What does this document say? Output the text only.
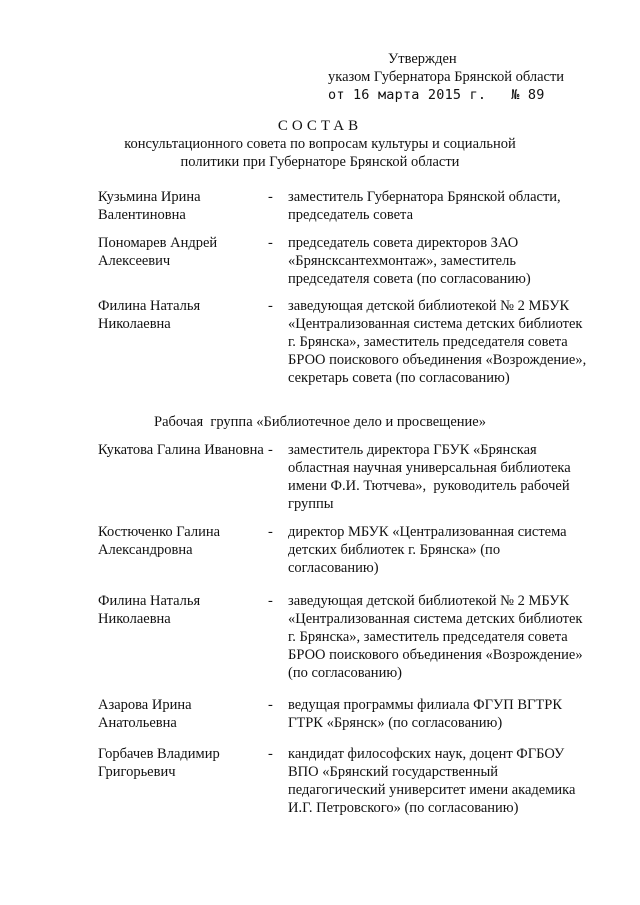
Утвержден
указом Губернатора Брянской области
от 16 марта 2015 г.   № 89
СОСТАВ
консультационного совета по вопросам культуры и социальной
политики при Губернаторе Брянской области
Кузьмина Ирина Валентиновна
- заместитель Губернатора Брянской области, председатель совета
Пономарев Андрей Алексеевич
- председатель совета директоров ЗАО «Брянсксантехмонтаж», заместитель председателя совета (по согласованию)
Филина Наталья Николаевна
- заведующая детской библиотекой № 2 МБУК «Централизованная система детских библиотек г. Брянска», заместитель председателя совета БРОО поискового объединения «Возрождение», секретарь совета (по согласованию)
Рабочая  группа «Библиотечное дело и просвещение»
Кукатова Галина Ивановна - заместитель директора ГБУК «Брянская областная научная универсальная библиотека имени Ф.И. Тютчева»,  руководитель рабочей группы
Костюченко Галина Александровна
- директор МБУК «Централизованная система детских библиотек г. Брянска» (по согласованию)
Филина Наталья Николаевна
- заведующая детской библиотекой № 2 МБУК «Централизованная система детских библиотек г. Брянска», заместитель председателя совета БРОО поискового объединения «Возрождение» (по согласованию)
Азарова Ирина Анатольевна
- ведущая программы филиала ФГУП ВГТРК ГТРК «Брянск» (по согласованию)
Горбачев Владимир Григорьевич
- кандидат философских наук, доцент ФГБОУ ВПО «Брянский государственный педагогический университет имени академика И.Г. Петровского» (по согласованию)
